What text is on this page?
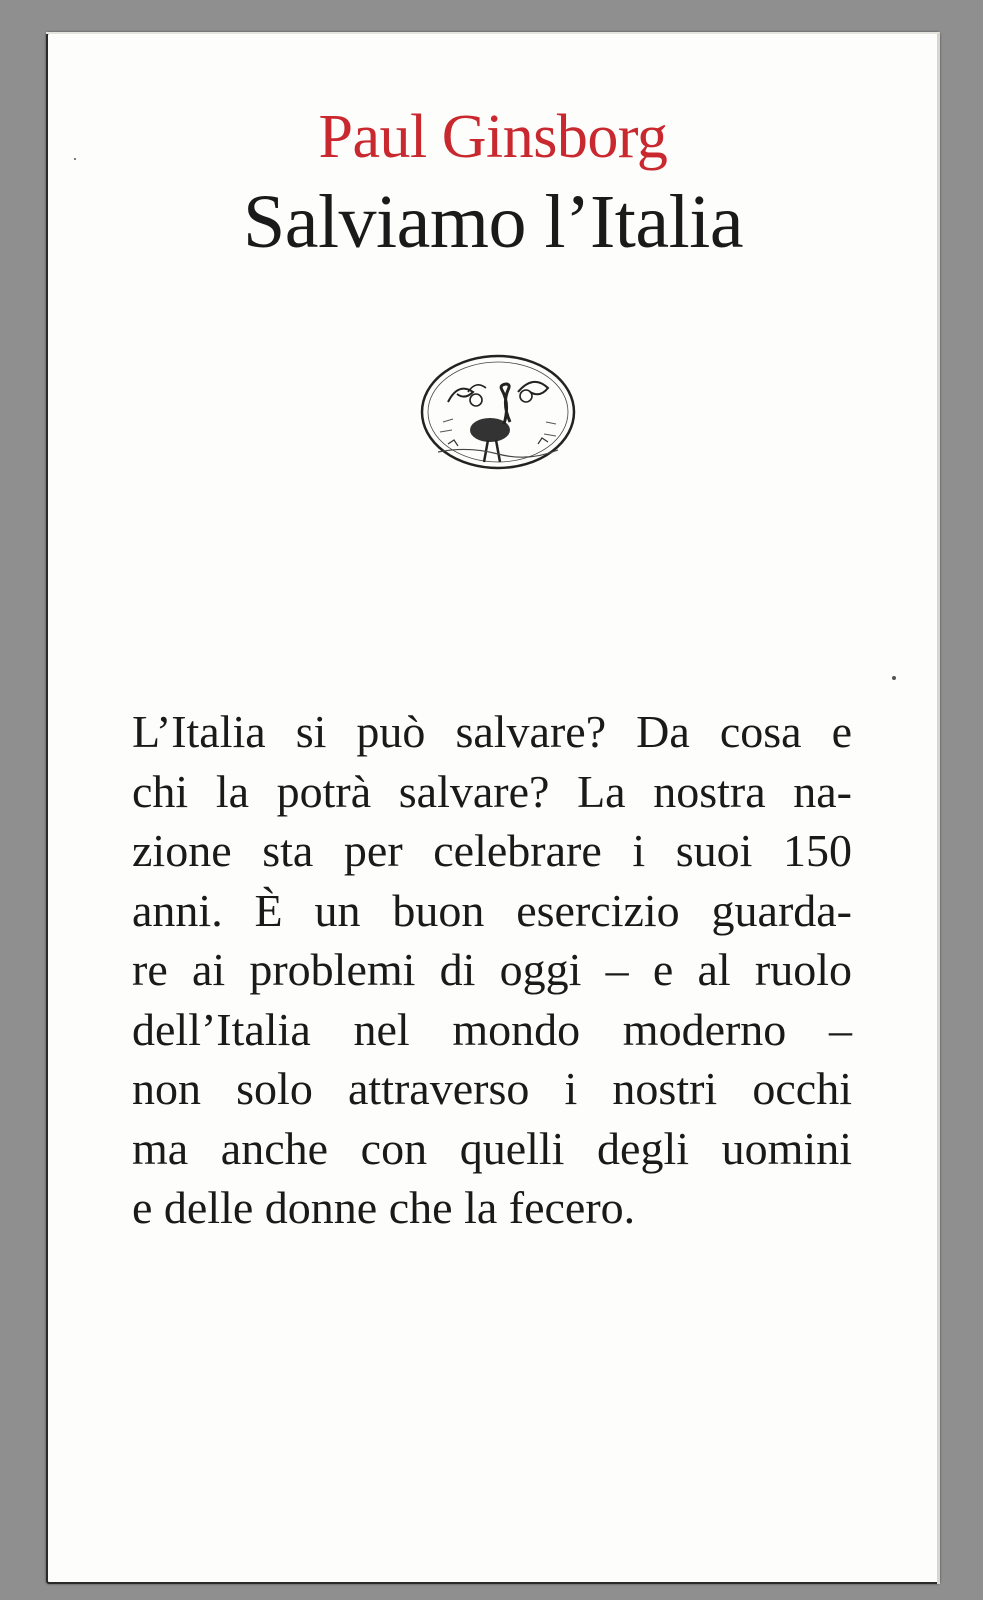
Paul Ginsborg
Salviamo l’Italia
L’Italia si può salvare? Da cosa e
chi la potrà salvare? La nostra na-
zione sta per celebrare i suoi 150
anni. È un buon esercizio guarda-
re ai problemi di oggi – e al ruolo
dell’Italia nel mondo moderno –
non solo attraverso i nostri occhi
ma anche con quelli degli uomini
e delle donne che la fecero.
